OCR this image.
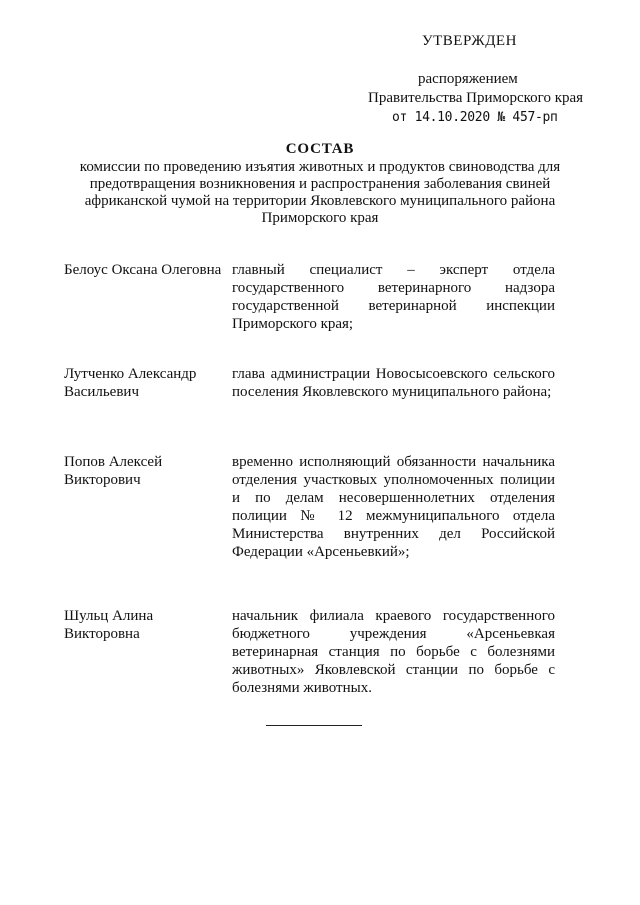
УТВЕРЖДЕН
распоряжением
Правительства Приморского края
от 14.10.2020 № 457-рп
СОСТАВ
комиссии по проведению изъятия животных и продуктов свиноводства для предотвращения возникновения и распространения заболевания свиней африканской чумой на территории Яковлевского муниципального района Приморского края
Белоус Оксана Олеговна главный специалист – эксперт отдела государственного ветеринарного надзора государственной ветеринарной инспекции Приморского края;
Лутченко Александр Васильевич
глава администрации Новосысоевского сельского поселения Яковлевского муниципального района;
Попов Алексей Викторович
временно исполняющий обязанности начальника отделения участковых уполномоченных полиции и по делам несовершеннолетних отделения полиции № 12 межмуниципального отдела Министерства внутренних дел Российской Федерации «Арсеньевкий»;
Шульц Алина Викторовна
начальник филиала краевого государственного бюджетного учреждения «Арсеньевкая ветеринарная станция по борьбе с болезнями животных» Яковлевской станции по борьбе с болезнями животных.
